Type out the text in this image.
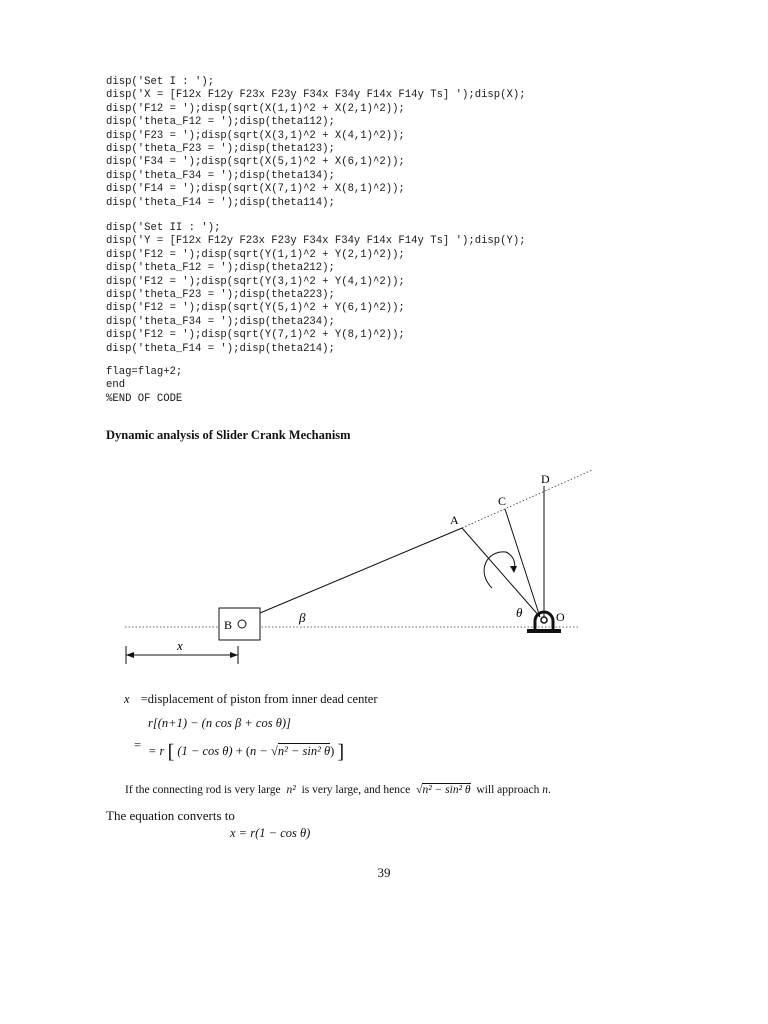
disp('Set I : ');
disp('X = [F12x F12y F23x F23y F34x F34y F14x F14y Ts] ');disp(X);
disp('F12 = ');disp(sqrt(X(1,1)^2 + X(2,1)^2));
disp('theta_F12 = ');disp(theta112);
disp('F23 = ');disp(sqrt(X(3,1)^2 + X(4,1)^2));
disp('theta_F23 = ');disp(theta123);
disp('F34 = ');disp(sqrt(X(5,1)^2 + X(6,1)^2));
disp('theta_F34 = ');disp(theta134);
disp('F14 = ');disp(sqrt(X(7,1)^2 + X(8,1)^2));
disp('theta_F14 = ');disp(theta114);
disp('Set II : ');
disp('Y = [F12x F12y F23x F23y F34x F34y F14x F14y Ts] ');disp(Y);
disp('F12 = ');disp(sqrt(Y(1,1)^2 + Y(2,1)^2));
disp('theta_F12 = ');disp(theta212);
disp('F12 = ');disp(sqrt(Y(3,1)^2 + Y(4,1)^2));
disp('theta_F23 = ');disp(theta223);
disp('F12 = ');disp(sqrt(Y(5,1)^2 + Y(6,1)^2));
disp('theta_F34 = ');disp(theta234);
disp('F12 = ');disp(sqrt(Y(7,1)^2 + Y(8,1)^2));
disp('theta_F14 = ');disp(theta214);
flag=flag+2;
end
%END OF CODE
Dynamic analysis of Slider Crank Mechanism
D
C
A
B
O
β	θ
x
x =displacement of piston from inner dead center
r[(n+1) − (n cos β + cos θ)]
= = r [ (1 − cos θ) + (n − √n² − sin² θ) ]
If the connecting rod is very large n² is very large, and hence √n² − sin² θ will approach n.
The equation converts to
x = r(1 − cos θ)
39
